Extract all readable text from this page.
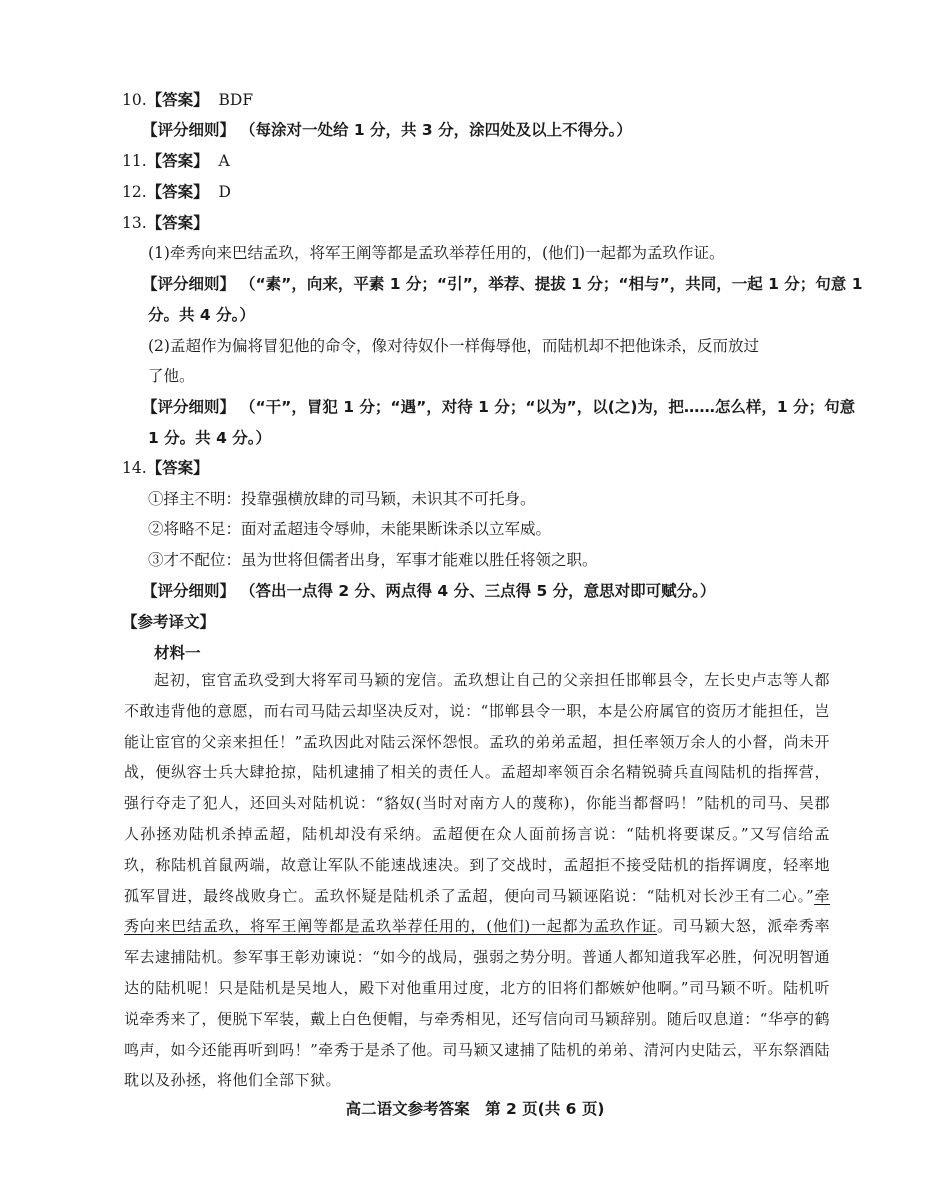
10.【答案】 BDF
【评分细则】 （每涂对一处给 1 分，共 3 分，涂四处及以上不得分。）
11.【答案】 A
12.【答案】 D
13.【答案】
(1)牵秀向来巴结孟玖，将军王阐等都是孟玖举荐任用的，(他们)一起都为孟玖作证。
【评分细则】 （“素”，向来，平素 1 分；“引”，举荐、提拔 1 分；“相与”，共同，一起 1 分；句意 1
分。共 4 分。）
(2)孟超作为偏将冒犯他的命令，像对待奴仆一样侮辱他，而陆机却不把他诛杀，反而放过
了他。
【评分细则】 （“干”，冒犯 1 分；“遇”，对待 1 分；“以为”，以(之)为，把……怎么样，1 分；句意
1 分。共 4 分。）
14.【答案】
①择主不明：投靠强横放肆的司马颖，未识其不可托身。
②将略不足：面对孟超违令辱帅，未能果断诛杀以立军威。
③才不配位：虽为世将但儒者出身，军事才能难以胜任将领之职。
【评分细则】 （答出一点得 2 分、两点得 4 分、三点得 5 分，意思对即可赋分。）
【参考译文】
材料一

起初，宦官孟玖受到大将军司马颖的宠信。孟玖想让自己的父亲担任邯郸县令，左长史卢志等人都不敢违背他的意愿，而右司马陆云却坚决反对，说：“邯郸县令一职，本是公府属官的资历才能担任，岂能让宦官的父亲来担任！”孟玖因此对陆云深怀怨恨。孟玖的弟弟孟超，担任率领万余人的小督，尚未开战，便纵容士兵大肆抢掠，陆机逮捕了相关的责任人。孟超却率领百余名精锐骑兵直闯陆机的指挥营，强行夺走了犯人，还回头对陆机说：“貉奴(当时对南方人的蔑称)，你能当都督吗！”陆机的司马、吴郡人孙拯劝陆机杀掉孟超，陆机却没有采纳。孟超便在众人面前扬言说：“陆机将要谋反。”又写信给孟玖，称陆机首鼠两端，故意让军队不能速战速决。到了交战时，孟超拒不接受陆机的指挥调度，轻率地孤军冒进，最终战败身亡。孟玖怀疑是陆机杀了孟超，便向司马颖诬陷说：“陆机对长沙王有二心。”牵秀向来巴结孟玖，将军王阐等都是孟玖举荐任用的，(他们)一起都为孟玖作证。司马颖大怒，派牵秀率军去逮捕陆机。参军事王彰劝谏说：“如今的战局，强弱之势分明。普通人都知道我军必胜，何况明智通达的陆机呢！只是陆机是吴地人，殿下对他重用过度，北方的旧将们都嫉妒他啊。”司马颖不听。陆机听说牵秀来了，便脱下军装，戴上白色便帽，与牵秀相见，还写信向司马颖辞别。随后叹息道：“华亭的鹤鸣声，如今还能再听到吗！”牵秀于是杀了他。司马颖又逮捕了陆机的弟弟、清河内史陆云，平东祭酒陆耽以及孙拯，将他们全部下狱。

高二语文参考答案　第 2 页(共 6 页)
